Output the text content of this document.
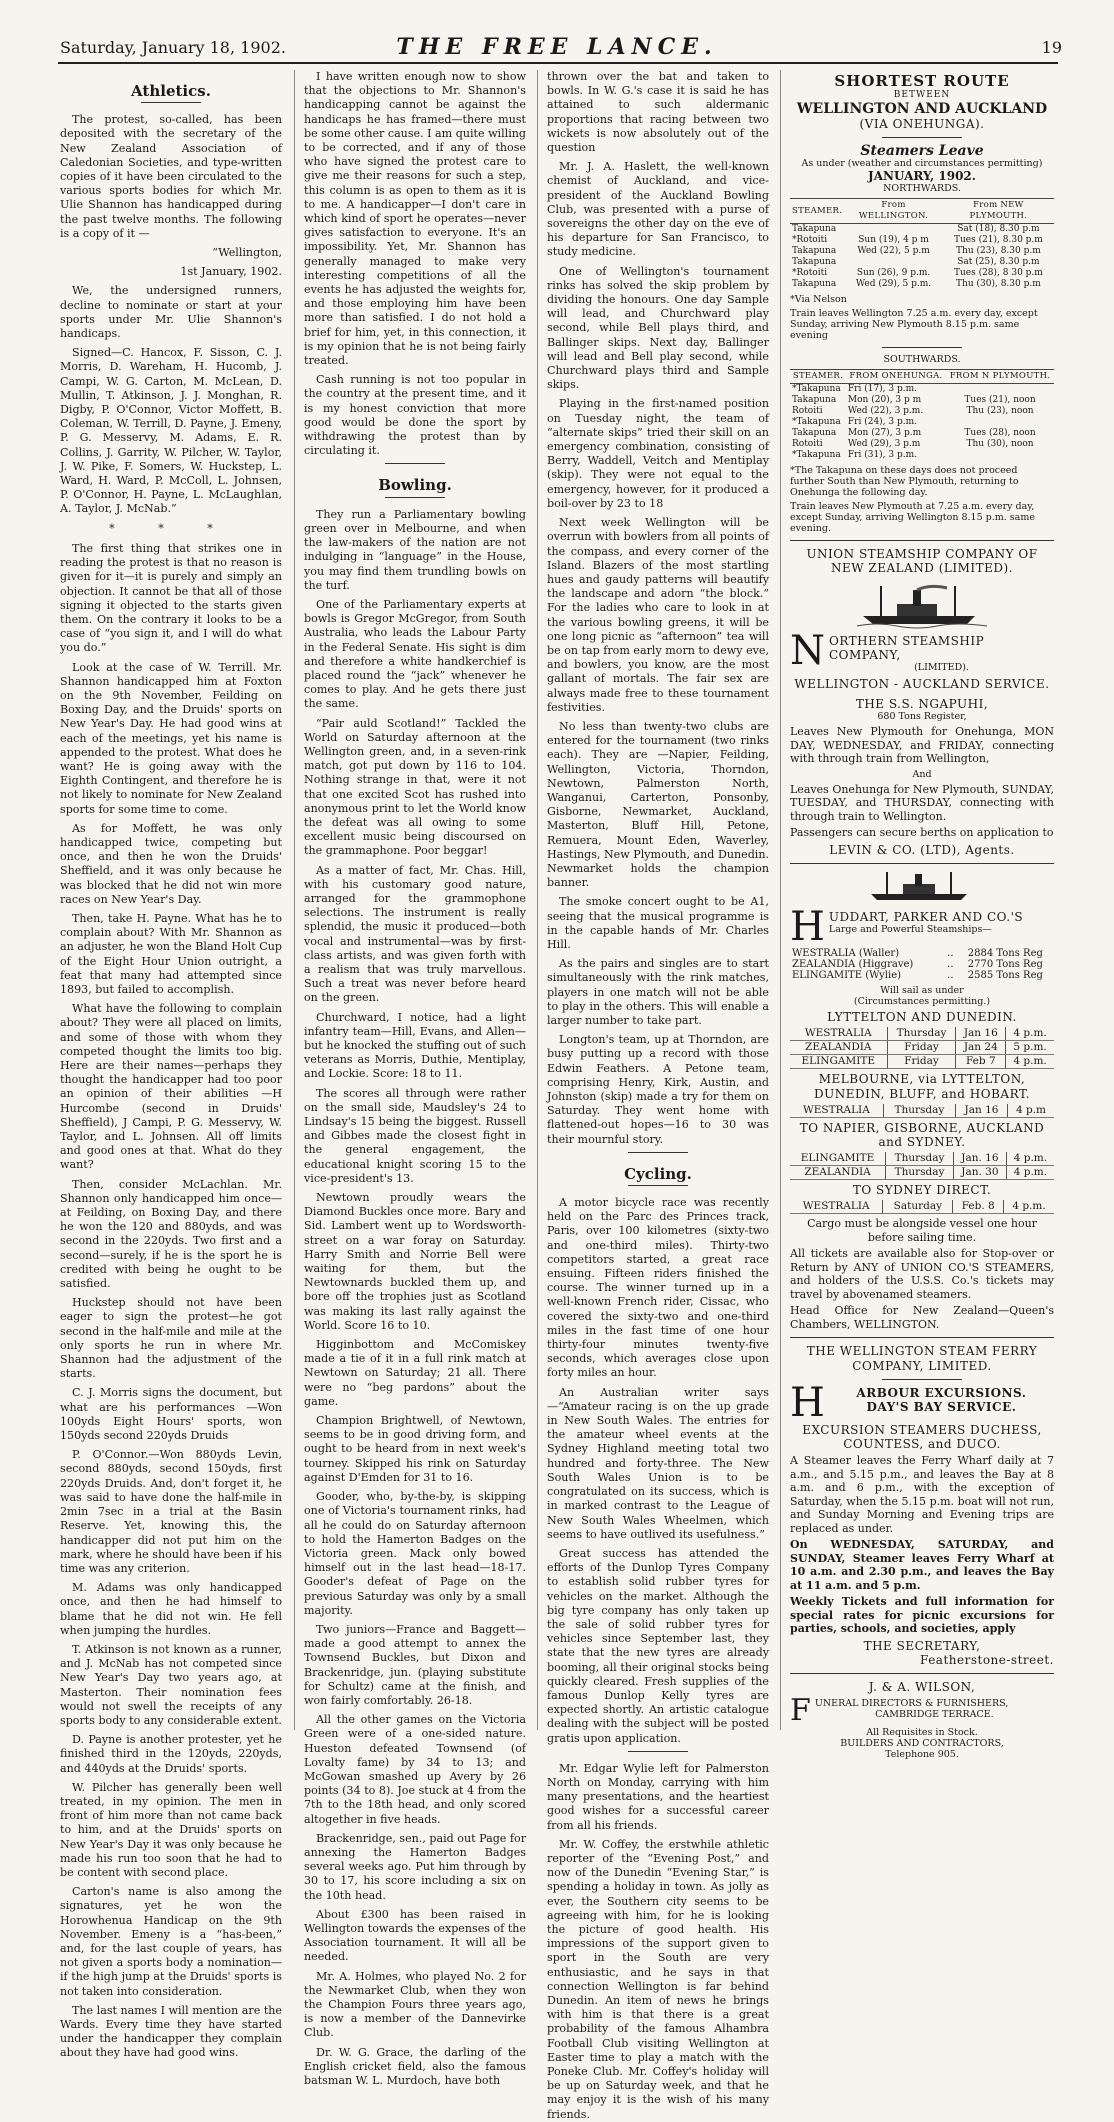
Saturday, January 18, 1902.	THE FREE LANCE.	19
Athletics.

The protest, so-called, has been deposited with the secretary of the New Zealand Association of Caledonian Societies, and type-written copies of it have been circulated to the various sports bodies for which Mr. Ulie Shannon has handicapped during the past twelve months. The following is a copy of it —

“Wellington,

1st January, 1902.

We, the undersigned runners, decline to nominate or start at your sports under Mr. Ulie Shannon's handicaps.

Signed—C. Hancox, F. Sisson, C. J. Morris, D. Wareham, H. Hucomb, J. Campi, W. G. Carton, M. McLean, D. Mullin, T. Atkinson, J. J. Monghan, R. Digby, P. O'Connor, Victor Moffett, B. Coleman, W. Terrill, D. Payne, J. Emeny, P. G. Messervy, M. Adams, E. R. Collins, J. Garrity, W. Pilcher, W. Taylor, J. W. Pike, F. Somers, W. Huckstep, L. Ward, H. Ward, P. McColl, L. Johnsen, P. O'Connor, H. Payne, L. McLaughlan, A. Taylor, J. McNab.”

* * *

The first thing that strikes one in reading the protest is that no reason is given for it—it is purely and simply an objection. It cannot be that all of those signing it objected to the starts given them. On the contrary it looks to be a case of “you sign it, and I will do what you do.”

Look at the case of W. Terrill. Mr. Shannon handicapped him at Foxton on the 9th November, Feilding on Boxing Day, and the Druids' sports on New Year's Day. He had good wins at each of the meetings, yet his name is appended to the protest. What does he want? He is going away with the Eighth Contingent, and therefore he is not likely to nominate for New Zealand sports for some time to come.

As for Moffett, he was only handicapped twice, competing but once, and then he won the Druids' Sheffield, and it was only because he was blocked that he did not win more races on New Year's Day.

Then, take H. Payne. What has he to complain about? With Mr. Shannon as an adjuster, he won the Bland Holt Cup of the Eight Hour Union outright, a feat that many had attempted since 1893, but failed to accomplish.

What have the following to complain about? They were all placed on limits, and some of those with whom they competed thought the limits too big. Here are their names—perhaps they thought the handicapper had too poor an opinion of their abilities —H Hurcombe (second in Druids' Sheffield), J Campi, P. G. Messervy, W. Taylor, and L. Johnsen. All off limits and good ones at that. What do they want?

Then, consider McLachlan. Mr. Shannon only handicapped him once—at Feilding, on Boxing Day, and there he won the 120 and 880yds, and was second in the 220yds. Two first and a second—surely, if he is the sport he is credited with being he ought to be satisfied.

Huckstep should not have been eager to sign the protest—he got second in the half-mile and mile at the only sports he run in where Mr. Shannon had the adjustment of the starts.

C. J. Morris signs the document, but what are his performances —Won 100yds Eight Hours' sports, won 150yds second 220yds Druids

P. O'Connor.—Won 880yds Levin, second 880yds, second 150yds, first 220yds Druids. And, don't forget it, he was said to have done the half-mile in 2min 7sec in a trial at the Basin Reserve. Yet, knowing this, the handicapper did not put him on the mark, where he should have been if his time was any criterion.

M. Adams was only handicapped once, and then he had himself to blame that he did not win. He fell when jumping the hurdles.

T. Atkinson is not known as a runner, and J. McNab has not competed since New Year's Day two years ago, at Masterton. Their nomination fees would not swell the receipts of any sports body to any considerable extent.

D. Payne is another protester, yet he finished third in the 120yds, 220yds, and 440yds at the Druids' sports.

W. Pilcher has generally been well treated, in my opinion. The men in front of him more than not came back to him, and at the Druids' sports on New Year's Day it was only because he made his run too soon that he had to be content with second place.

Carton's name is also among the signatures, yet he won the Horowhenua Handicap on the 9th November. Emeny is a “has-been,” and, for the last couple of years, has not given a sports body a nomination—if the high jump at the Druids' sports is not taken into consideration.

The last names I will mention are the Wards. Every time they have started under the handicapper they complain about they have had good wins.

I have written enough now to show that the objections to Mr. Shannon's handicapping cannot be against the handicaps he has framed—there must be some other cause. I am quite willing to be corrected, and if any of those who have signed the protest care to give me their reasons for such a step, this column is as open to them as it is to me. A handicapper—I don't care in which kind of sport he operates—never gives satisfaction to everyone. It's an impossibility. Yet, Mr. Shannon has generally managed to make very interesting competitions of all the events he has adjusted the weights for, and those employing him have been more than satisfied. I do not hold a brief for him, yet, in this connection, it is my opinion that he is not being fairly treated.

Cash running is not too popular in the country at the present time, and it is my honest conviction that more good would be done the sport by withdrawing the protest than by circulating it.

Bowling.

They run a Parliamentary bowling green over in Melbourne, and when the law-makers of the nation are not indulging in “language” in the House, you may find them trundling bowls on the turf.

One of the Parliamentary experts at bowls is Gregor McGregor, from South Australia, who leads the Labour Party in the Federal Senate. His sight is dim and therefore a white handkerchief is placed round the “jack” whenever he comes to play. And he gets there just the same.

“Pair auld Scotland!” Tackled the World on Saturday afternoon at the Wellington green, and, in a seven-rink match, got put down by 116 to 104. Nothing strange in that, were it not that one excited Scot has rushed into anonymous print to let the World know the defeat was all owing to some excellent music being discoursed on the grammaphone. Poor beggar!

As a matter of fact, Mr. Chas. Hill, with his customary good nature, arranged for the grammophone selections. The instrument is really splendid, the music it produced—both vocal and instrumental—was by first-class artists, and was given forth with a realism that was truly marvellous. Such a treat was never before heard on the green.

Churchward, I notice, had a light infantry team—Hill, Evans, and Allen—but he knocked the stuffing out of such veterans as Morris, Duthie, Mentiplay, and Lockie. Score: 18 to 11.

The scores all through were rather on the small side, Maudsley's 24 to Lindsay's 15 being the biggest. Russell and Gibbes made the closest fight in the general engagement, the educational knight scoring 15 to the vice-president's 13.

Newtown proudly wears the Diamond Buckles once more. Bary and Sid. Lambert went up to Wordsworth-street on a war foray on Saturday. Harry Smith and Norrie Bell were waiting for them, but the Newtownards buckled them up, and bore off the trophies just as Scotland was making its last rally against the World. Score 16 to 10.

Higginbottom and McComiskey made a tie of it in a full rink match at Newtown on Saturday; 21 all. There were no “beg pardons” about the game.

Champion Brightwell, of Newtown, seems to be in good driving form, and ought to be heard from in next week's tourney. Skipped his rink on Saturday against D'Emden for 31 to 16.

Gooder, who, by-the-by, is skipping one of Victoria's tournament rinks, had all he could do on Saturday afternoon to hold the Hamerton Badges on the Victoria green. Mack only bowed himself out in the last head—18-17. Gooder's defeat of Page on the previous Saturday was only by a small majority.

Two juniors—France and Baggett—made a good attempt to annex the Townsend Buckles, but Dixon and Brackenridge, jun. (playing substitute for Schultz) came at the finish, and won fairly comfortably. 26-18.

All the other games on the Victoria Green were of a one-sided nature. Hueston defeated Townsend (of Lovalty fame) by 34 to 13; and McGowan smashed up Avery by 26 points (34 to 8). Joe stuck at 4 from the 7th to the 18th head, and only scored altogether in five heads.

Brackenridge, sen., paid out Page for annexing the Hamerton Badges several weeks ago. Put him through by 30 to 17, his score including a six on the 10th head.

About £300 has been raised in Wellington towards the expenses of the Association tournament. It will all be needed.

Mr. A. Holmes, who played No. 2 for the Newmarket Club, when they won the Champion Fours three years ago, is now a member of the Dannevirke Club.

Dr. W. G. Grace, the darling of the English cricket field, also the famous batsman W. L. Murdoch, have both

thrown over the bat and taken to bowls. In W. G.'s case it is said he has attained to such aldermanic proportions that racing between two wickets is now absolutely out of the question

Mr. J. A. Haslett, the well-known chemist of Auckland, and vice-president of the Auckland Bowling Club, was presented with a purse of sovereigns the other day on the eve of his departure for San Francisco, to study medicine.

One of Wellington's tournament rinks has solved the skip problem by dividing the honours. One day Sample will lead, and Churchward play second, while Bell plays third, and Ballinger skips. Next day, Ballinger will lead and Bell play second, while Churchward plays third and Sample skips.

Playing in the first-named position on Tuesday night, the team of “alternate skips” tried their skill on an emergency combination, consisting of Berry, Waddell, Veitch and Mentiplay (skip). They were not equal to the emergency, however, for it produced a boil-over by 23 to 18

Next week Wellington will be overrun with bowlers from all points of the compass, and every corner of the Island. Blazers of the most startling hues and gaudy patterns will beautify the landscape and adorn “the block.” For the ladies who care to look in at the various bowling greens, it will be one long picnic as “afternoon” tea will be on tap from early morn to dewy eve, and bowlers, you know, are the most gallant of mortals. The fair sex are always made free to these tournament festivities.

No less than twenty-two clubs are entered for the tournament (two rinks each). They are —Napier, Feilding, Wellington, Victoria, Thorndon, Newtown, Palmerston North, Wanganui, Carterton, Ponsonby, Gisborne, Newmarket, Auckland, Masterton, Bluff Hill, Petone, Remuera, Mount Eden, Waverley, Hastings, New Plymouth, and Dunedin. Newmarket holds the champion banner.

The smoke concert ought to be A1, seeing that the musical programme is in the capable hands of Mr. Charles Hill.

As the pairs and singles are to start simultaneously with the rink matches, players in one match will not be able to play in the others. This will enable a larger number to take part.

Longton's team, up at Thorndon, are busy putting up a record with those Edwin Feathers. A Petone team, comprising Henry, Kirk, Austin, and Johnston (skip) made a try for them on Saturday. They went home with flattened-out hopes—16 to 30 was their mournful story.

Cycling.

A motor bicycle race was recently held on the Parc des Princes track, Paris, over 100 kilometres (sixty-two and one-third miles). Thirty-two competitors started, a great race ensuing. Fifteen riders finished the course. The winner turned up in a well-known French rider, Cissac, who covered the sixty-two and one-third miles in the fast time of one hour thirty-four minutes twenty-five seconds, which averages close upon forty miles an hour.

An Australian writer says —“Amateur racing is on the up grade in New South Wales. The entries for the amateur wheel events at the Sydney Highland meeting total two hundred and forty-three. The New South Wales Union is to be congratulated on its success, which is in marked contrast to the League of New South Wales Wheelmen, which seems to have outlived its usefulness.”

Great success has attended the efforts of the Dunlop Tyres Company to establish solid rubber tyres for vehicles on the market. Although the big tyre company has only taken up the sale of solid rubber tyres for vehicles since September last, they state that the new tyres are already booming, all their original stocks being quickly cleared. Fresh supplies of the famous Dunlop Kelly tyres are expected shortly. An artistic catalogue dealing with the subject will be posted gratis upon application.

Mr. Edgar Wylie left for Palmerston North on Monday, carrying with him many presentations, and the heartiest good wishes for a successful career from all his friends.

Mr. W. Coffey, the erstwhile athletic reporter of the “Evening Post,” and now of the Dunedin “Evening Star,” is spending a holiday in town. As jolly as ever, the Southern city seems to be agreeing with him, for he is looking the picture of good health. His impressions of the support given to sport in the South are very enthusiastic, and he says in that connection Wellington is far behind Dunedin. An item of news he brings with him is that there is a great probability of the famous Alhambra Football Club visiting Wellington at Easter time to play a match with the Poneke Club. Mr. Coffey's holiday will be up on Saturday week, and that he may enjoy it is the wish of his many friends.

SHORTEST ROUTE
BETWEEN
WELLINGTON AND AUCKLAND
(VIA ONEHUNGA).
Steamers Leave
As under (weather and circumstances permitting)
JANUARY, 1902.
NORTHWARDS.
STEAMER.	From WELLINGTON.	From NEW PLYMOUTH.
Takapuna		Sat (18), 8.30 p.m
*Rotoiti	Sun (19), 4 p m	Tues (21), 8.30 p.m
Takapuna	Wed (22), 5 p.m	Thu (23), 8.30 p.m
Takapuna		Sat (25), 8.30 p.m
*Rotoiti	Sun (26), 9 p.m.	Tues (28), 8 30 p.m
Takapuna	Wed (29), 5 p.m.	Thu (30), 8.30 p.m
*Via Nelson
Train leaves Wellington 7.25 a.m. every day, except Sunday, arriving New Plymouth 8.15 p.m. same evening
SOUTHWARDS.
STEAMER.	FROM ONEHUNGA.	FROM N PLYMOUTH.
*Takapuna	Fri (17), 3 p.m.	
Takapuna	Mon (20), 3 p m	Tues (21), noon
Rotoiti	Wed (22), 3 p.m.	Thu (23), noon
*Takapuna	Fri (24), 3 p.m.	
Takapuna	Mon (27), 3 p.m	Tues (28), noon
Rotoiti	Wed (29), 3 p.m	Thu (30), noon
*Takapuna	Fri (31), 3 p.m.	
*The Takapuna on these days does not proceed further South than New Plymouth, returning to Onehunga the following day.
Train leaves New Plymouth at 7.25 a.m. every day, except Sunday, arriving Wellington 8.15 p.m. same evening.
UNION STEAMSHIP COMPANY OF NEW ZEALAND (LIMITED).
N ORTHERN STEAMSHIP COMPANY,
(LIMITED).
WELLINGTON - AUCKLAND SERVICE.
THE S.S. NGAPUHI,
680 Tons Register,
Leaves New Plymouth for Onehunga, MON DAY, WEDNESDAY, and FRIDAY, connecting with through train from Wellington,
And
Leaves Onehunga for New Plymouth, SUNDAY, TUESDAY, and THURSDAY, connecting with through train to Wellington.
Passengers can secure berths on application to
LEVIN & CO. (LTD), Agents.
H UDDART, PARKER AND CO.'S
Large and Powerful Steamships—
WESTRALIA (Waller)	..	2884 Tons Reg
ZEALANDIA (Higgrave)	..	2770 Tons Reg
ELINGAMITE (Wylie)	..	2585 Tons Reg
Will sail as under
(Circumstances permitting.)
LYTTELTON AND DUNEDIN.
WESTRALIA	Thursday	Jan 16	4 p.m.
ZEALANDIA	Friday	Jan 24	5 p.m.
ELINGAMITE	Friday	Feb 7	4 p.m.
MELBOURNE, via LYTTELTON, DUNEDIN, BLUFF, and HOBART.
WESTRALIA	Thursday	Jan 16	4 p.m
TO NAPIER, GISBORNE, AUCKLAND and SYDNEY.
ELINGAMITE	Thursday	Jan. 16	4 p.m.
ZEALANDIA	Thursday	Jan. 30	4 p.m.
TO SYDNEY DIRECT.
WESTRALIA	Saturday	Feb. 8	4 p.m.
Cargo must be alongside vessel one hour before sailing time.
All tickets are available also for Stop-over or Return by ANY of UNION CO.'S STEAMERS, and holders of the U.S.S. Co.'s tickets may travel by abovenamed steamers.
Head Office for New Zealand—Queen's Chambers, WELLINGTON.
THE WELLINGTON STEAM FERRY COMPANY, LIMITED.
H	ARBOUR EXCURSIONS.
DAY'S BAY SERVICE.
EXCURSION STEAMERS DUCHESS, COUNTESS, and DUCO.
A Steamer leaves the Ferry Wharf daily at 7 a.m., and 5.15 p.m., and leaves the Bay at 8 a.m. and 6 p.m., with the exception of Saturday, when the 5.15 p.m. boat will not run, and Sunday Morning and Evening trips are replaced as under.
On WEDNESDAY, SATURDAY, and SUNDAY, Steamer leaves Ferry Wharf at 10 a.m. and 2.30 p.m., and leaves the Bay at 11 a.m. and 5 p.m.
Weekly Tickets and full information for special rates for picnic excursions for parties, schools, and societies, apply
THE SECRETARY,
Featherstone-street.
J. & A. WILSON,
F UNERAL DIRECTORS & FURNISHERS,
CAMBRIDGE TERRACE.
All Requisites in Stock.
BUILDERS AND CONTRACTORS,
Telephone 905.
